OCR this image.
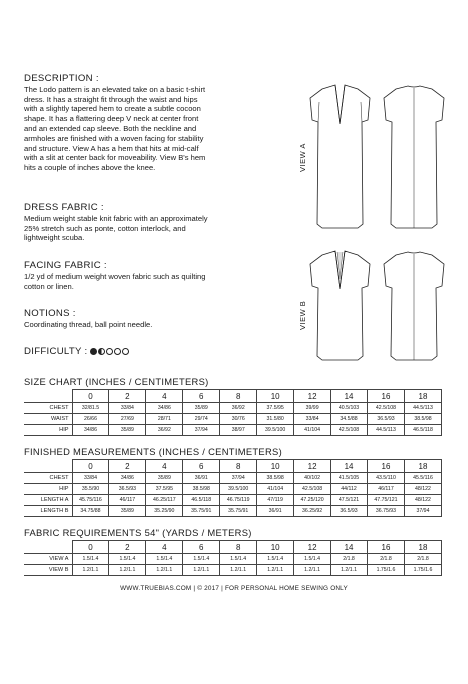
DESCRIPTION :

The Lodo pattern is an elevated take on a basic t-shirt
dress. It has a straight fit through the waist and hips
with a slightly tapered hem to create a subtle cocoon
shape. It has a flattering deep V neck at center front
and an extended cap sleeve. Both the neckline and
armholes are finished with a woven facing for stability
and structure. View A has a hem that hits at mid-calf
with a slit at center back for moveability. View B's hem
hits a couple of inches above the knee.

DRESS FABRIC :

Medium weight stable knit fabric with an approximately
25% stretch such as ponte, cotton interlock, and
lightweight scuba.

FACING FABRIC :

1/2 yd of medium weight woven fabric such as quilting
cotton or linen.

NOTIONS :

Coordinating thread, ball point needle.

DIFFICULTY :
VIEW A
VIEW B
SIZE CHART (INCHES / CENTIMETERS)
	0	2	4	6	8	10	12	14	16	18
CHEST	32/81.5	33/84	34/86	35/89	36/92	37.5/95	39/99	40.5/103	42.5/108	44.5/113
WAIST	26/66	27/69	28/71	29/74	30/76	31.5/80	33/84	34.5/88	36.5/93	38.5/98
HIP	34/86	35/89	36/92	37/94	38/97	39.5/100	41/104	42.5/108	44.5/113	46.5/118
FINISHED MEASUREMENTS (INCHES / CENTIMETERS)
	0	2	4	6	8	10	12	14	16	18
CHEST	33/84	34/86	35/89	36/91	37/94	38.5/98	40/102	41.5/105	43.5/110	45.5/116
HIP	35.5/90	36.5/93	37.5/95	38.5/98	39.5/100	41/104	42.5/108	44/112	46/117	48/122
LENGTH A	45.75/116	46/117	46.25/117	46.5/118	46.75/119	47/119	47.25/120	47.5/121	47.75/121	48/122
LENGTH B	34.75/88	35/89	35.25/90	35.75/91	35.75/91	36/91	36.25/92	36.5/93	36.75/93	37/94
FABRIC REQUIREMENTS 54" (YARDS / METERS)
	0	2	4	6	8	10	12	14	16	18
VIEW A	1.5/1.4	1.5/1.4	1.5/1.4	1.5/1.4	1.5/1.4	1.5/1.4	1.5/1.4	2/1.8	2/1.8	2/1.8
VIEW B	1.2/1.1	1.2/1.1	1.2/1.1	1.2/1.1	1.2/1.1	1.2/1.1	1.2/1.1	1.2/1.1	1.75/1.6	1.75/1.6
WWW.TRUEBIAS.COM | © 2017 | FOR PERSONAL HOME SEWING ONLY
